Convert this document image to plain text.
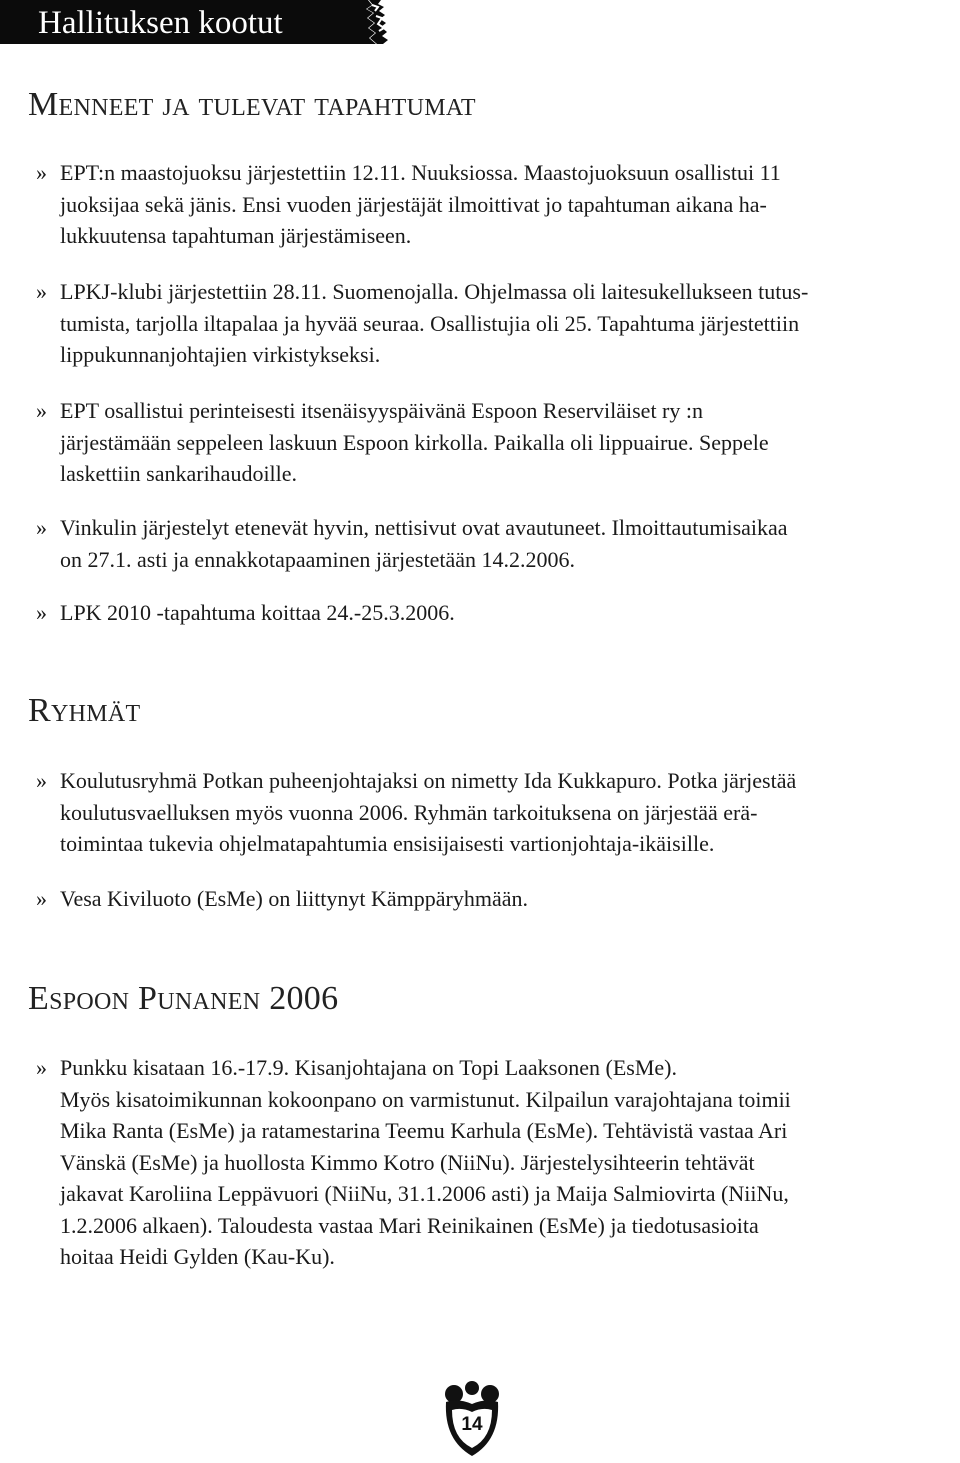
Hallituksen kootut
Menneet ja tulevat tapahtumat
» EPT:n maastojuoksu järjestettiin 12.11. Nuuksiossa. Maastojuoksuun osallistui 11
juoksijaa sekä jänis. Ensi vuoden järjestäjät ilmoittivat jo tapahtuman aikana ha-
lukkuutensa tapahtuman järjestämiseen.
» LPKJ-klubi järjestettiin 28.11. Suomenojalla. Ohjelmassa oli laitesukellukseen tutus-
tumista, tarjolla iltapalaa ja hyvää seuraa. Osallistujia oli 25. Tapahtuma järjestettiin
lippukunnanjohtajien virkistykseksi.
» EPT osallistui perinteisesti itsenäisyyspäivänä Espoon Reserviläiset ry :n
järjestämään seppeleen laskuun Espoon kirkolla. Paikalla oli lippuairue. Seppele
laskettiin sankarihaudoille.
» Vinkulin järjestelyt etenevät hyvin, nettisivut ovat avautuneet. Ilmoittautumisaikaa
on 27.1. asti ja ennakkotapaaminen järjestetään 14.2.2006.
» LPK 2010 -tapahtuma koittaa 24.-25.3.2006.
Ryhmät
» Koulutusryhmä Potkan puheenjohtajaksi on nimetty Ida Kukkapuro. Potka järjestää
koulutusvaelluksen myös vuonna 2006. Ryhmän tarkoituksena on järjestää erä-
toimintaa tukevia ohjelmatapahtumia ensisijaisesti vartionjohtaja-ikäisille.
» Vesa Kiviluoto (EsMe) on liittynyt Kämppäryhmään.
Espoon Punanen 2006
» Punkku kisataan 16.-17.9. Kisanjohtajana on Topi Laaksonen (EsMe).
Myös kisatoimikunnan kokoonpano on varmistunut. Kilpailun varajohtajana toimii
Mika Ranta (EsMe) ja ratamestarina Teemu Karhula (EsMe). Tehtävistä vastaa Ari
Vänskä (EsMe) ja huollosta Kimmo Kotro (NiiNu). Järjestelysihteerin tehtävät
jakavat Karoliina Leppävuori (NiiNu, 31.1.2006 asti) ja Maija Salmiovirta (NiiNu,
1.2.2006 alkaen). Taloudesta vastaa Mari Reinikainen (EsMe) ja tiedotusasioita
hoitaa Heidi Gylden (Kau-Ku).
14
